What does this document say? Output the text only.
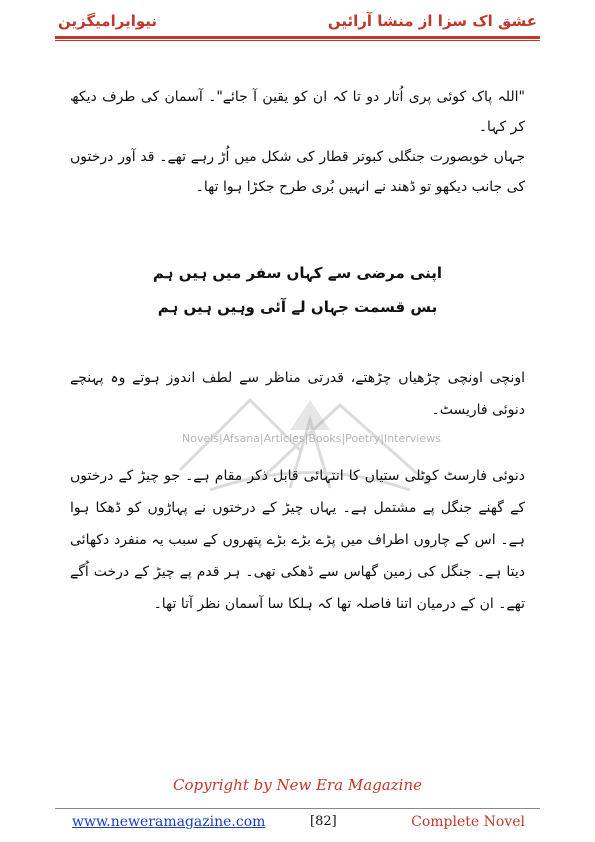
نیوایرامیگزین	عشق اک سزا از منشا آرائیں
Novels|Afsana|Articles|Books|Poetry|Interviews

"اللہ پاک کوئی پری اُتار دو تا کہ ان کو یقین آ جائے"۔ آسمان کی طرف دیکھ کر کہا۔

جہاں خوبصورت جنگلی کبوتر قطار کی شکل میں اُڑ رہے تھے۔ قد آور درختوں کی جانب دیکھو تو ڈھند نے انہیں بُری طرح جکڑا ہوا تھا۔

اپنی مرضی سے کہاں سفر میں ہیں ہم
بس قسمت جہاں لے آئی وہیں ہیں ہم

اونچی اونچی چڑھیاں چڑھتے، قدرتی مناظر سے لطف اندوز ہوتے وہ پہنچے دنوئی فاریسٹ۔

دنوئی فارسٹ کوٹلی ستیاں کا انتہائی قابل ذکر مقام ہے۔ جو چیڑ کے درختوں کے گھنے جنگل پے مشتمل ہے۔ یہاں چیڑ کے درختوں نے پہاڑوں کو ڈھکا ہوا ہے۔ اس کے چاروں اطراف میں پڑے بڑے بڑے پتھروں کے سبب یہ منفرد دکھائی دیتا ہے۔ جنگل کی زمین گھاس سے ڈھکی تھی۔ ہر قدم پے چیڑ کے درخت اُگے تھے۔ ان کے درمیان اتنا فاصلہ تھا کہ ہلکا سا آسمان نظر آتا تھا۔

Copyright by New Era Magazine
www.neweramagazine.com	[82]	Complete Novel
